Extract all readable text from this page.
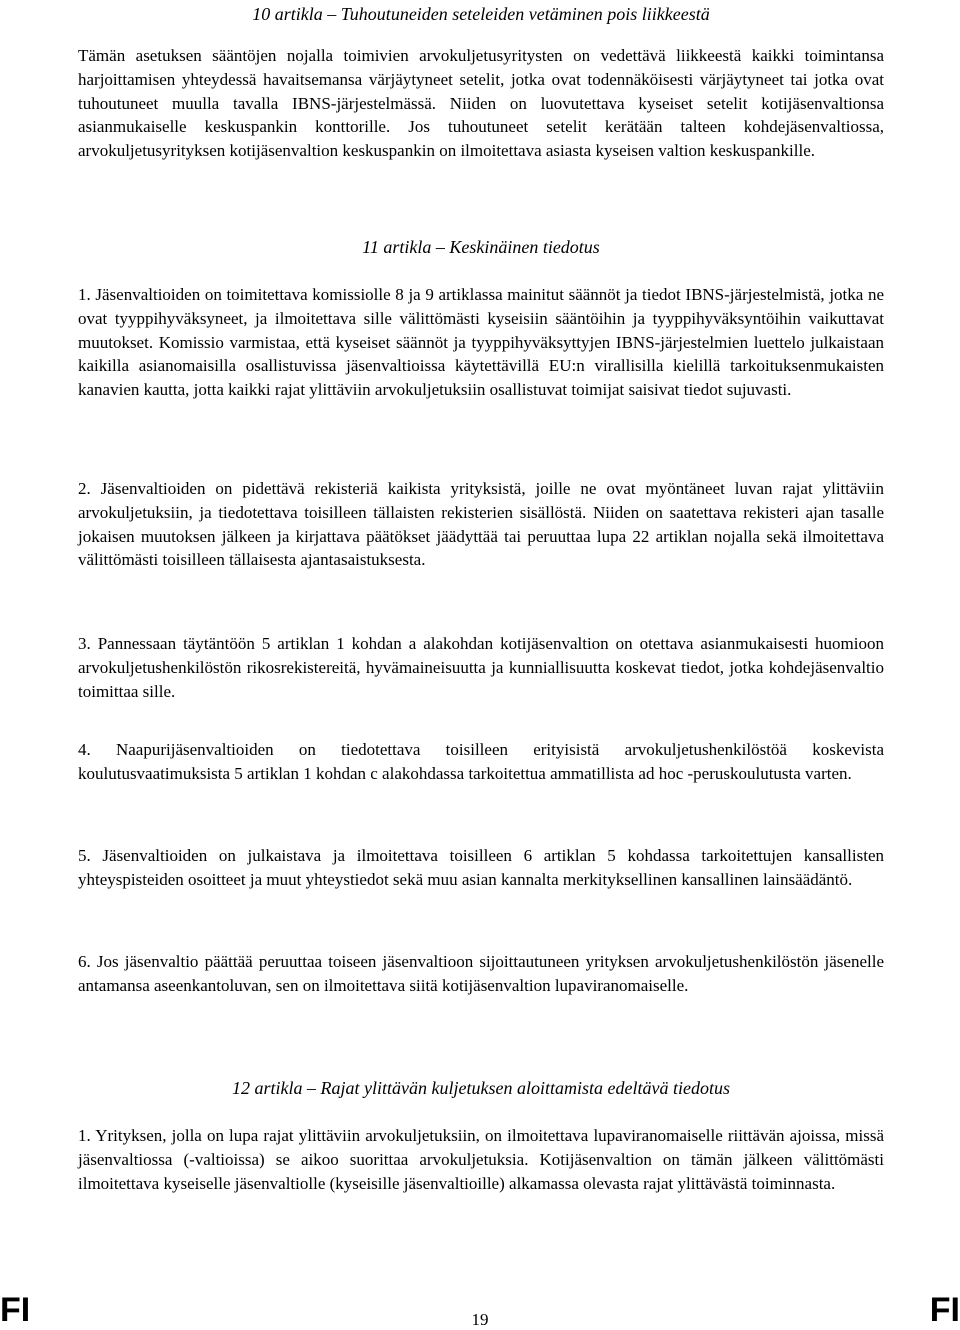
10 artikla – Tuhoutuneiden seteleiden vetäminen pois liikkeestä

Tämän asetuksen sääntöjen nojalla toimivien arvokuljetusyritysten on vedettävä liikkeestä kaikki toimintansa harjoittamisen yhteydessä havaitsemansa värjäytyneet setelit, jotka ovat todennäköisesti värjäytyneet tai jotka ovat tuhoutuneet muulla tavalla IBNS-järjestelmässä. Niiden on luovutettava kyseiset setelit kotijäsenvaltionsa asianmukaiselle keskuspankin konttorille. Jos tuhoutuneet setelit kerätään talteen kohdejäsenvaltiossa, arvokuljetusyrityksen kotijäsenvaltion keskuspankin on ilmoitettava asiasta kyseisen valtion keskuspankille.

11 artikla – Keskinäinen tiedotus

1. Jäsenvaltioiden on toimitettava komissiolle 8 ja 9 artiklassa mainitut säännöt ja tiedot IBNS-järjestelmistä, jotka ne ovat tyyppihyväksyneet, ja ilmoitettava sille välittömästi kyseisiin sääntöihin ja tyyppihyväksyntöihin vaikuttavat muutokset. Komissio varmistaa, että kyseiset säännöt ja tyyppihyväksyttyjen IBNS-järjestelmien luettelo julkaistaan kaikilla asianomaisilla osallistuvissa jäsenvaltioissa käytettävillä EU:n virallisilla kielillä tarkoituksenmukaisten kanavien kautta, jotta kaikki rajat ylittäviin arvokuljetuksiin osallistuvat toimijat saisivat tiedot sujuvasti.

2. Jäsenvaltioiden on pidettävä rekisteriä kaikista yrityksistä, joille ne ovat myöntäneet luvan rajat ylittäviin arvokuljetuksiin, ja tiedotettava toisilleen tällaisten rekisterien sisällöstä. Niiden on saatettava rekisteri ajan tasalle jokaisen muutoksen jälkeen ja kirjattava päätökset jäädyttää tai peruuttaa lupa 22 artiklan nojalla sekä ilmoitettava välittömästi toisilleen tällaisesta ajantasaistuksesta.

3. Pannessaan täytäntöön 5 artiklan 1 kohdan a alakohdan kotijäsenvaltion on otettava asianmukaisesti huomioon arvokuljetushenkilöstön rikosrekistereitä, hyvämaineisuutta ja kunniallisuutta koskevat tiedot, jotka kohdejäsenvaltio toimittaa sille.

4. Naapurijäsenvaltioiden on tiedotettava toisilleen erityisistä arvokuljetushenkilöstöä koskevista koulutusvaatimuksista 5 artiklan 1 kohdan c alakohdassa tarkoitettua ammatillista ad hoc -peruskoulutusta varten.

5. Jäsenvaltioiden on julkaistava ja ilmoitettava toisilleen 6 artiklan 5 kohdassa tarkoitettujen kansallisten yhteyspisteiden osoitteet ja muut yhteystiedot sekä muu asian kannalta merkityksellinen kansallinen lainsäädäntö.

6. Jos jäsenvaltio päättää peruuttaa toiseen jäsenvaltioon sijoittautuneen yrityksen arvokuljetushenkilöstön jäsenelle antamansa aseenkantoluvan, sen on ilmoitettava siitä kotijäsenvaltion lupaviranomaiselle.

12 artikla – Rajat ylittävän kuljetuksen aloittamista edeltävä tiedotus

1. Yrityksen, jolla on lupa rajat ylittäviin arvokuljetuksiin, on ilmoitettava lupaviranomaiselle riittävän ajoissa, missä jäsenvaltiossa (-valtioissa) se aikoo suorittaa arvokuljetuksia. Kotijäsenvaltion on tämän jälkeen välittömästi ilmoitettava kyseiselle jäsenvaltiolle (kyseisille jäsenvaltioille) alkamassa olevasta rajat ylittävästä toiminnasta.

FI	19	FI
